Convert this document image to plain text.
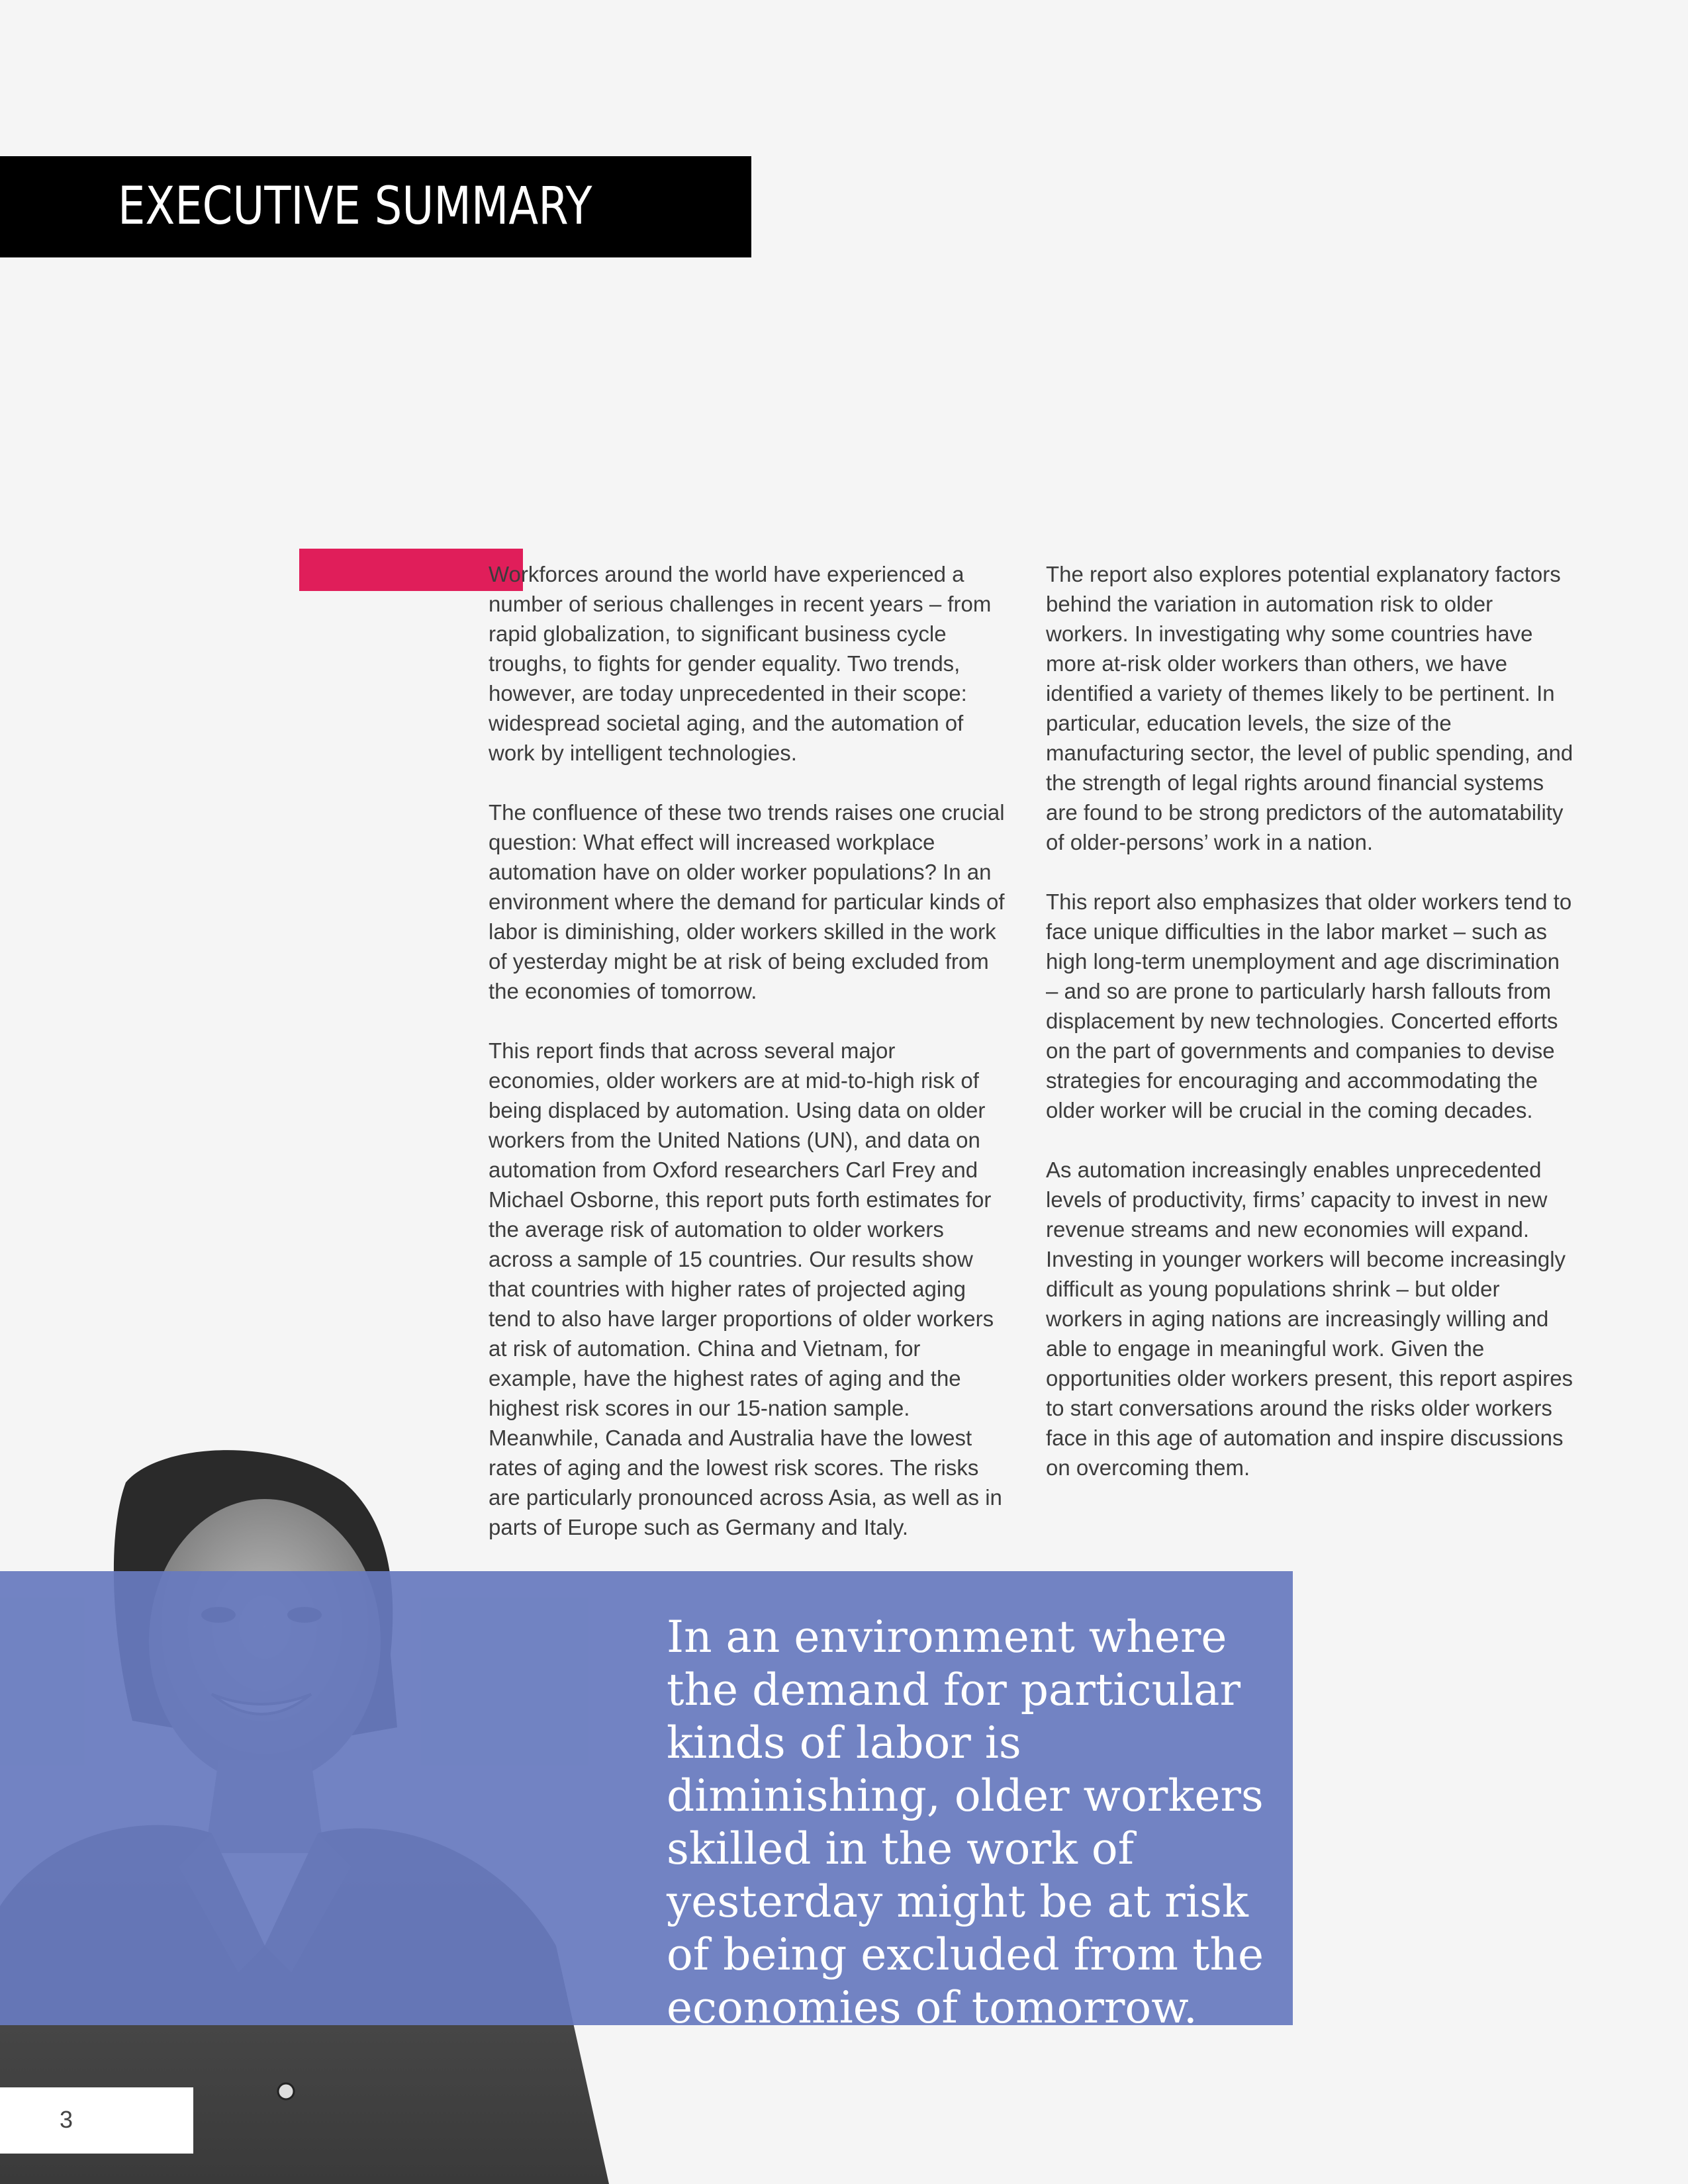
EXECUTIVE SUMMARY

Workforces around the world have experienced a number of serious challenges in recent years – from rapid globalization, to significant business cycle troughs, to fights for gender equality. Two trends, however, are today unprecedented in their scope: widespread societal aging, and the automation of work by intelligent technologies.

The confluence of these two trends raises one crucial question: What effect will increased workplace automation have on older worker populations? In an environment where the demand for particular kinds of labor is diminishing, older workers skilled in the work of yesterday might be at risk of being excluded from the economies of tomorrow.

This report finds that across several major economies, older workers are at mid-to-high risk of being displaced by automation. Using data on older workers from the United Nations (UN), and data on automation from Oxford researchers Carl Frey and Michael Osborne, this report puts forth estimates for the average risk of automation to older workers across a sample of 15 countries. Our results show that countries with higher rates of projected aging tend to also have larger proportions of older workers at risk of automation. China and Vietnam, for example, have the highest rates of aging and the highest risk scores in our 15-nation sample. Meanwhile, Canada and Australia have the lowest rates of aging and the lowest risk scores. The risks are particularly pronounced across Asia, as well as in parts of Europe such as Germany and Italy.

The report also explores potential explanatory factors behind the variation in automation risk to older workers. In investigating why some countries have more at-risk older workers than others, we have identified a variety of themes likely to be pertinent. In particular, education levels, the size of the manufacturing sector, the level of public spending, and the strength of legal rights around financial systems are found to be strong predictors of the automatability of older-persons’ work in a nation.

This report also emphasizes that older workers tend to face unique difficulties in the labor market – such as high long-term unemployment and age discrimination – and so are prone to particularly harsh fallouts from displacement by new technologies. Concerted efforts on the part of governments and companies to devise strategies for encouraging and accommodating the older worker will be crucial in the coming decades.

As automation increasingly enables unprecedented levels of productivity, firms’ capacity to invest in new revenue streams and new economies will expand. Investing in younger workers will become increasingly difficult as young populations shrink – but older workers in aging nations are increasingly willing and able to engage in meaningful work. Given the opportunities older workers present, this report aspires to start conversations around the risks older workers face in this age of automation and inspire discussions on overcoming them.

In an environment where the demand for particular kinds of labor is diminishing, older workers skilled in the work of yesterday might be at risk of being excluded from the economies of tomorrow.

3
